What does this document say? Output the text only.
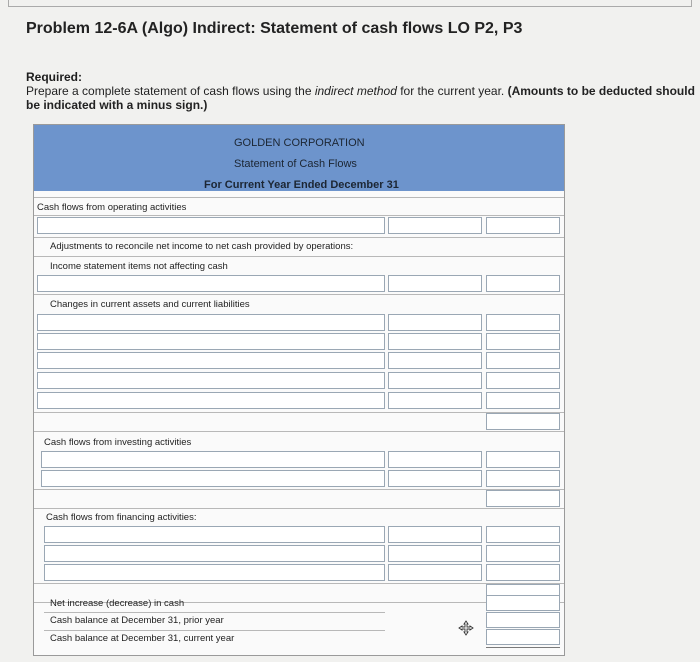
Problem 12-6A (Algo) Indirect: Statement of cash flows LO P2, P3
Required:
Prepare a complete statement of cash flows using the indirect method for the current year. (Amounts to be deducted should be indicated with a minus sign.)
GOLDEN CORPORATION
Statement of Cash Flows
For Current Year Ended December 31
Cash flows from operating activities
Adjustments to reconcile net income to net cash provided by operations:
Income statement items not affecting cash
Changes in current assets and current liabilities
Cash flows from investing activities
Cash flows from financing activities:
Net increase (decrease) in cash
Cash balance at December 31, prior year
Cash balance at December 31, current year
